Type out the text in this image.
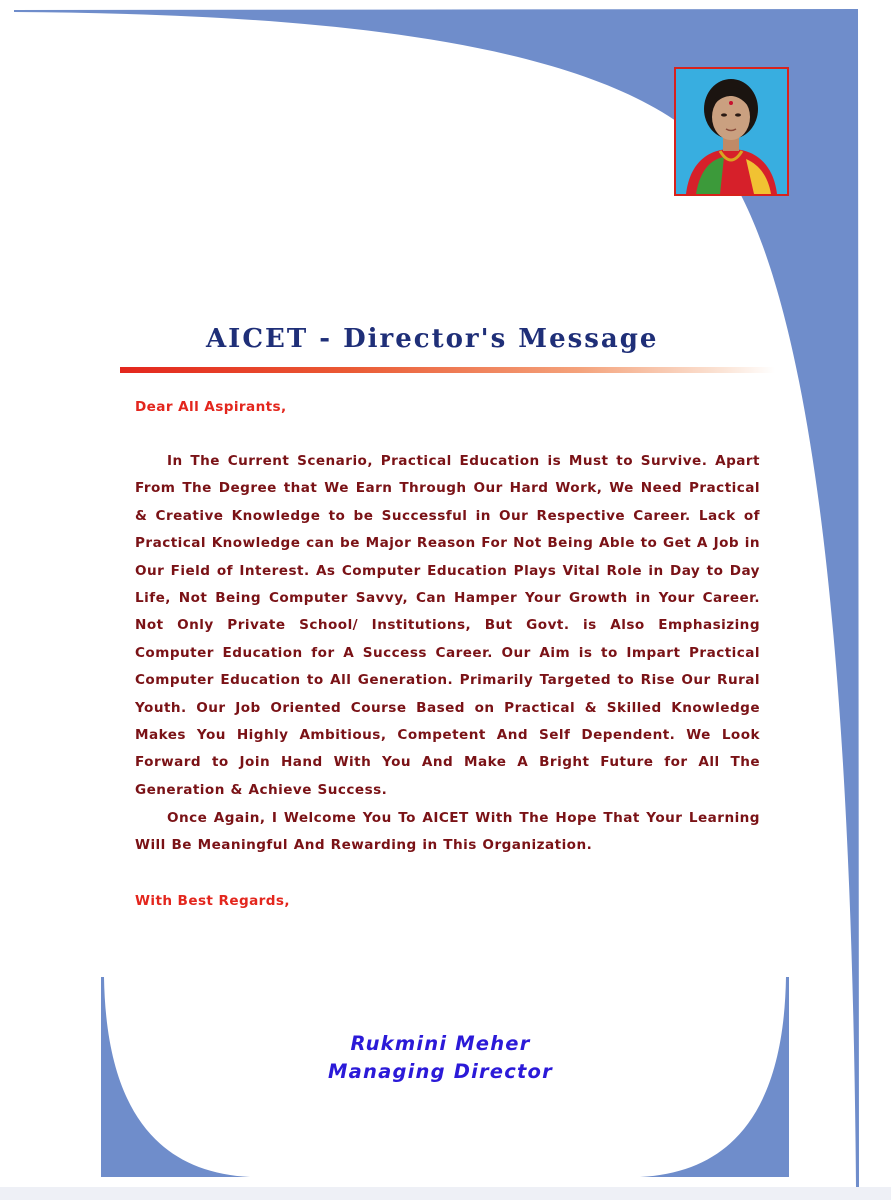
AICET - Director's Message

Dear All Aspirants,

In The Current Scenario, Practical Education is Must to Survive. Apart From The Degree that We Earn Through Our Hard Work, We Need Practical & Creative Knowledge to be Successful in Our Respective Career. Lack of Practical Knowledge can be Major Reason For Not Being Able to Get A Job in Our Field of Interest. As Computer Education Plays Vital Role in Day to Day Life, Not Being Computer Savvy, Can Hamper Your Growth in Your Career. Not Only Private School/ Institutions, But Govt. is Also Emphasizing Computer Education for A Success Career. Our Aim is to Impart Practical Computer Education to All Generation. Primarily Targeted to Rise Our Rural Youth. Our Job Oriented Course Based on Practical & Skilled Knowledge Makes You Highly Ambitious, Competent And Self Dependent. We Look Forward to Join Hand With You And Make A Bright Future for All The Generation & Achieve Success.

Once Again, I Welcome You To AICET With The Hope That Your Learning Will Be Meaningful And Rewarding in This Organization.

With Best Regards,

Rukmini Meher
Managing Director
